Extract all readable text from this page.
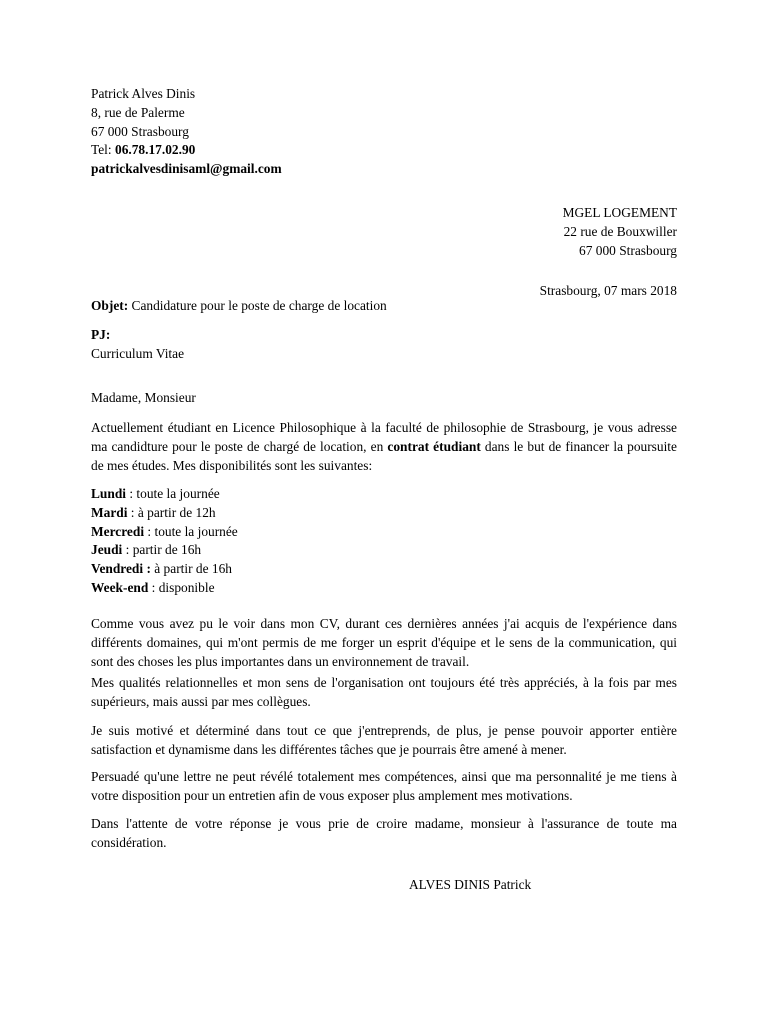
Patrick Alves Dinis
8, rue de Palerme
67 000 Strasbourg
Tel: 06.78.17.02.90
patrickalvesdinisaml@gmail.com
MGEL LOGEMENT
22 rue de Bouxwiller
67 000 Strasbourg
Strasbourg, 07 mars 2018
Objet: Candidature pour le poste de charge de location
PJ:
Curriculum Vitae
Madame, Monsieur

Actuellement étudiant en Licence Philosophique à la faculté de philosophie de Strasbourg, je vous adresse ma candidture pour le poste de chargé de location, en contrat étudiant dans le but de financer la poursuite de mes études. Mes disponibilités sont les suivantes:

Lundi : toute la journée
Mardi : à partir de 12h
Mercredi : toute la journée
Jeudi : partir de 16h
Vendredi : à partir de 16h
Week-end : disponible

Comme vous avez pu le voir dans mon CV, durant ces dernières années j'ai acquis de l'expérience dans différents domaines, qui m'ont permis de me forger un esprit d'équipe et le sens de la communication, qui sont des choses les plus importantes dans un environnement de travail.

Mes qualités relationnelles et mon sens de l'organisation ont toujours été très appréciés, à la fois par mes supérieurs, mais aussi par mes collègues.

Je suis motivé et déterminé dans tout ce que j'entreprends, de plus, je pense pouvoir apporter entière satisfaction et dynamisme dans les différentes tâches que je pourrais être amené à mener.

Persuadé qu'une lettre ne peut révélé totalement mes compétences, ainsi que ma personnalité je me tiens à votre disposition pour un entretien afin de vous exposer plus amplement mes motivations.

Dans l'attente de votre réponse je vous prie de croire madame, monsieur à l'assurance de toute ma considération.

ALVES DINIS Patrick
